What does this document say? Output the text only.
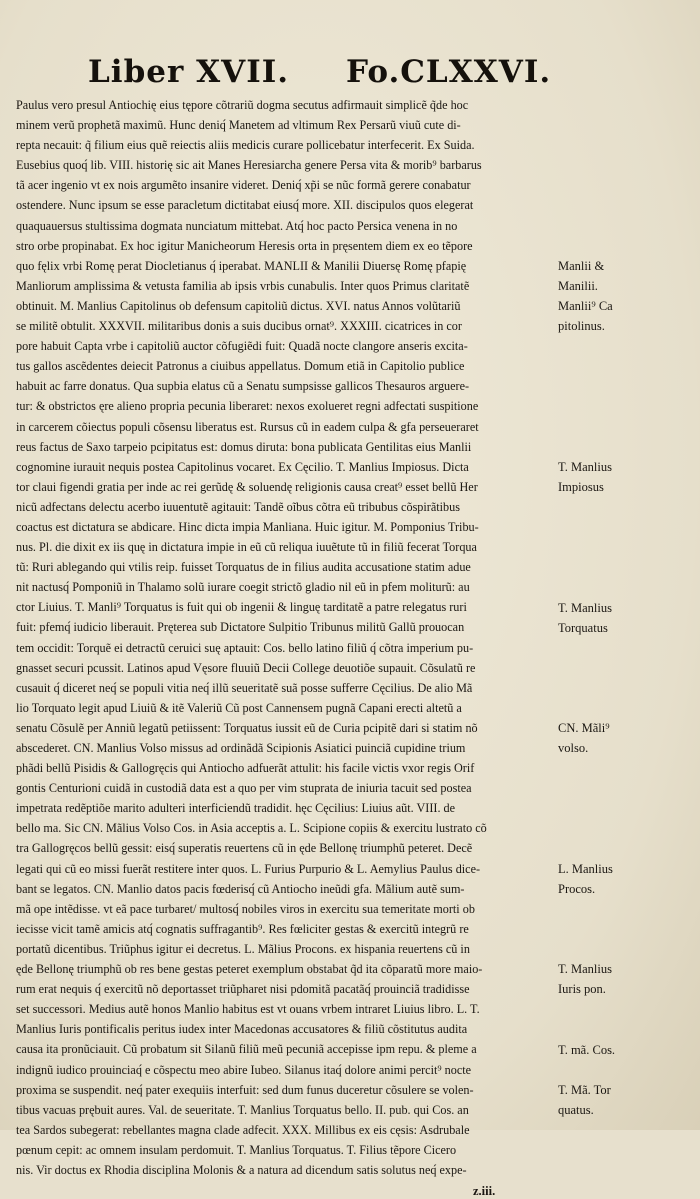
Liber XVII. Fo.CLXXVI.
Paulus vero presul Antiochię eius tępore cõtrariũ dogma secutus adfirmauit simplicẽ q̃de hoc
minem verũ prophetã maximũ. Hunc deniq́ Manetem ad vltimum Rex Persarũ viuũ cute di-
repta necauit: q̃ filium eius quẽ reiectis aliis medicis curare pollicebatur interfecerit. Ex Suida.
Eusebius quoq́ lib. VIII. historię sic ait Manes Heresiarcha genere Persa vita & morib⁹ barbarus
tã acer ingenio vt ex nois argumẽto insanire videret. Deniq́ xp̃i se nũc formã gerere conabatur
ostendere. Nunc ipsum se esse paracletum dictitabat eiusq́ more. XII. discipulos quos elegerat
quaquauersus stultissima dogmata nunciatum mittebat. Atq́ hoc pacto Persica venena in no
stro orbe propinabat. Ex hoc igitur Manicheorum Heresis orta in pręsentem diem ex eo tẽpore
quo fęlix vrbi Romę perat Diocletianus q́ iperabat. MANLII & Manilii Diuersę Romę pfapię
Manliorum amplissima & vetusta familia ab ipsis vrbis cunabulis. Inter quos Primus claritatẽ
obtinuit. M. Manlius Capitolinus ob defensum capitoliũ dictus. XVI. natus Annos volũtariũ
se militẽ obtulit. XXXVII. militaribus donis a suis ducibus ornat⁹. XXXIII. cicatrices in cor
pore habuit Capta vrbe i capitoliũ auctor cõfugiẽdi fuit: Quadã nocte clangore anseris excita-
tus gallos ascẽdentes deiecit Patronus a ciuibus appellatus. Domum etiã in Capitolio publice
habuit ac farre donatus. Qua supbia elatus cũ a Senatu sumpsisse gallicos Thesauros arguere-
tur: & obstrictos ęre alieno propria pecunia liberaret: nexos exolueret regni adfectati suspitione
in carcerem cõiectus populi cõsensu liberatus est. Rursus cũ in eadem culpa & gfa perseueraret
reus factus de Saxo tarpeio pcipitatus est: domus diruta: bona publicata Gentilitas eius Manlii
cognomine iurauit nequis postea Capitolinus vocaret. Ex Cęcilio. T. Manlius Impiosus. Dicta
tor claui figendi gratia per inde ac rei gerũdę & soluendę religionis causa creat⁹ esset bellũ Her
nicũ adfectans delectu acerbo iuuentutẽ agitauit: Tandẽ oĩbus cõtra eũ tribubus cõspirãtibus
coactus est dictatura se abdicare. Hinc dicta impia Manliana. Huic igitur. M. Pomponius Tribu-
nus. Pl. die dixit ex iis quę in dictatura impie in eũ cũ reliqua iuuẽtute tũ in filiũ fecerat Torqua
tũ: Ruri ablegando qui vtilis reip. fuisset Torquatus de in filius audita accusatione statim adue
nit nactusq́ Pomponiũ in Thalamo solũ iurare coegit strictõ gladio nil eũ in pfem moliturũ: au
ctor Liuius. T. Manli⁹ Torquatus is fuit qui ob ingenii & linguę tarditatẽ a patre relegatus ruri
fuit: pfemq́ iudicio liberauit. Pręterea sub Dictatore Sulpitio Tribunus militũ Gallũ prouocan
tem occidit: Torquẽ ei detractũ ceruici suę aptauit: Cos. bello latino filiũ q́ cõtra imperium pu-
gnasset securi pcussit. Latinos apud Vęsore fluuiũ Decii College deuotiõe supauit. Cõsulatũ re
cusauit q́ diceret neq́ se populi vitia neq́ illũ seueritatẽ suã posse sufferre Cęcilius. De alio Mã
lio Torquato legit apud Liuiũ & itẽ Valeriũ Cũ post Cannensem pugnã Capani erecti altetũ a
senatu Cõsulẽ per Anniũ legatũ petiissent: Torquatus iussit eũ de Curia pcipitẽ dari si statim nõ
abscederet. CN. Manlius Volso missus ad ordinãdã Scipionis Asiatici puinciã cupidine trium
phãdi bellũ Pisidis & Gallogręcis qui Antiocho adfuerãt attulit: his facile victis vxor regis Orif
gontis Centurioni cuidã in custodiã data est a quo per vim stuprata de iniuria tacuit sed postea
impetrata redẽptiõe marito adulteri interficiendũ tradidit. hęc Cęcilius: Liuius aũt. VIII. de
bello ma. Sic CN. Mãlius Volso Cos. in Asia acceptis a. L. Scipione copiis & exercitu lustrato cõ
tra Gallogręcos bellũ gessit: eisq́ superatis reuertens cũ in ęde Bellonę triumphũ peteret. Decẽ
legati qui cũ eo missi fuerãt restitere inter quos. L. Furius Purpurio & L. Aemylius Paulus dice-
bant se legatos. CN. Manlio datos pacis fœderisq́ cũ Antiocho ineũdi gfa. Mãlium autẽ sum-
mã ope intẽdisse. vt eã pace turbaret/ multosq́ nobiles viros in exercitu sua temeritate morti ob
iecisse vicit tamẽ amicis atq́ cognatis suffragantib⁹. Res fœliciter gestas & exercitũ integrũ re
portatũ dicentibus. Triũphus igitur ei decretus. L. Mãlius Procons. ex hispania reuertens cũ in
ęde Bellonę triumphũ ob res bene gestas peteret exemplum obstabat q̃d ita cõparatũ more maio-
rum erat nequis q́ exercitũ nõ deportasset triũpharet nisi pdomitã pacatãq́ prouinciã tradidisse
set successori. Medius autẽ honos Manlio habitus est vt ouans vrbem intraret Liuius libro. L. T.
Manlius Iuris pontificalis peritus iudex inter Macedonas accusatores & filiũ cõstitutus audita
causa ita pronũciauit. Cũ probatum sit Silanũ filiũ meũ pecuniã accepisse ipm repu. & pleme a
indignũ iudico prouinciaq́ e cõspectu meo abire Iubeo. Silanus itaq́ dolore animi percit⁹ nocte
proxima se suspendit. neq́ pater exequiis interfuit: sed dum funus duceretur cõsulere se volen-
tibus vacuas prębuit aures. Val. de seueritate. T. Manlius Torquatus bello. II. pub. qui Cos. an
tea Sardos subegerat: rebellantes magna clade adfecit. XXX. Millibus ex eis cęsis: Asdrubale
pœnum cepit: ac omnem insulam perdomuit. T. Manlius Torquatus. T. Filius tẽpore Cicero
nis. Vir doctus ex Rhodia disciplina Molonis & a natura ad dicendum satis solutus neq́ expe-
Manlii &
Manilii.
Manlii⁹ Ca
pitolinus.
T. Manlius
Impiosus
T. Manlius
Torquatus
CN. Mãli⁹
volso.
L. Manlius
Procos.
T. Manlius
Iuris pon.
T. mã. Cos.
T. Mã. Tor
quatus.
z.iii.
